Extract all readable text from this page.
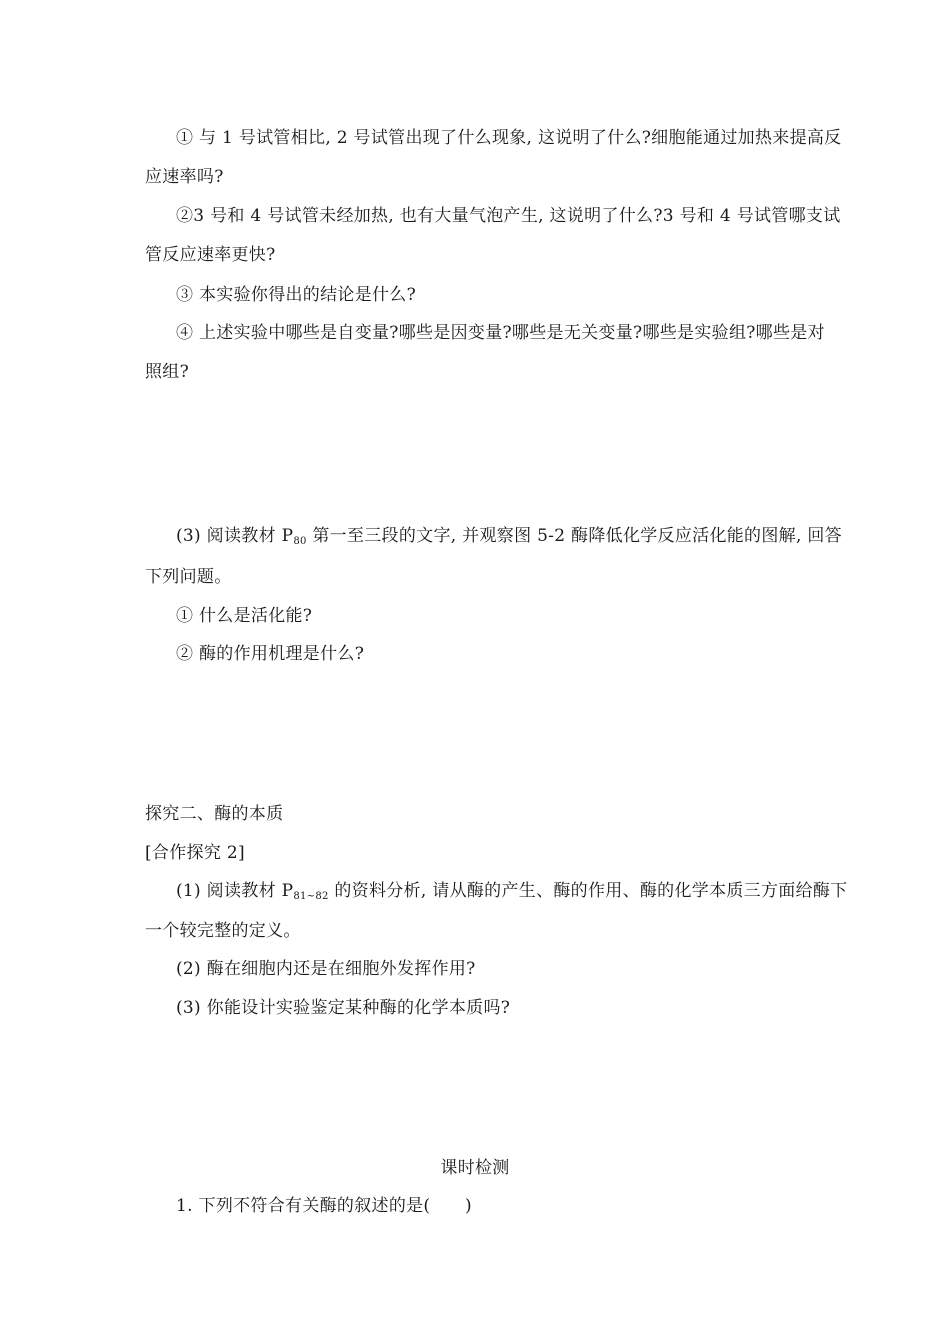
① 与 1 号试管相比, 2 号试管出现了什么现象, 这说明了什么?细胞能通过加热来提高反
应速率吗?
②3 号和 4 号试管未经加热, 也有大量气泡产生, 这说明了什么?3 号和 4 号试管哪支试
管反应速率更快?
③ 本实验你得出的结论是什么?
④ 上述实验中哪些是自变量?哪些是因变量?哪些是无关变量?哪些是实验组?哪些是对
照组?
(3) 阅读教材 $P_{80}$ 第一至三段的文字, 并观察图 5-2 酶降低化学反应活化能的图解, 回答
下列问题。
① 什么是活化能?
② 酶的作用机理是什么?
探究二、酶的本质
[合作探究 2]
(1) 阅读教材 $P_{81\sim 82}$ 的资料分析, 请从酶的产生、酶的作用、酶的化学本质三方面给酶下
一个较完整的定义。
(2) 酶在细胞内还是在细胞外发挥作用?
(3) 你能设计实验鉴定某种酶的化学本质吗?
课时检测
1. 下列不符合有关酶的叙述的是(　　)
